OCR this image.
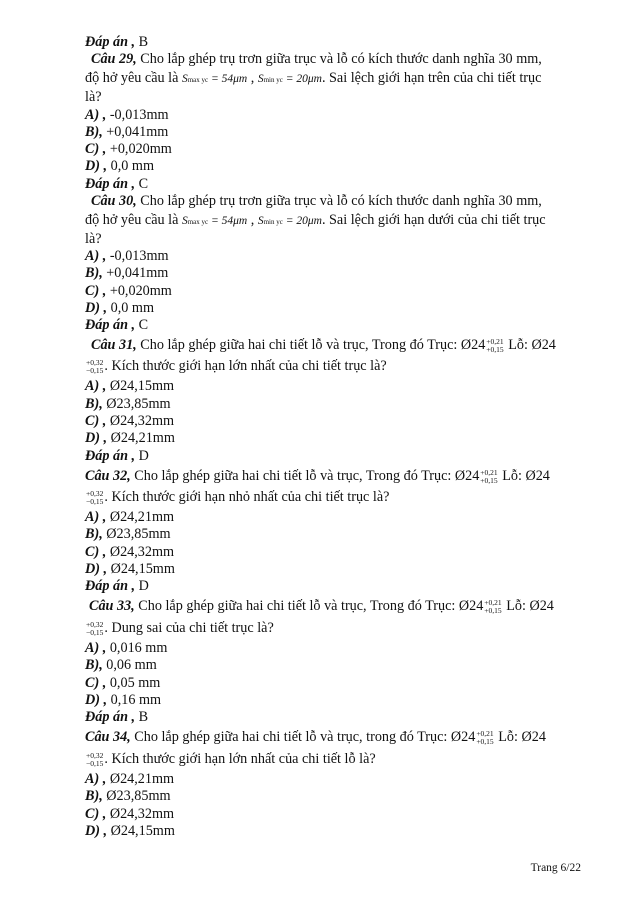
Đáp án , B
Câu 29, Cho lắp ghép trụ trơn giữa trục và lỗ có kích thước danh nghĩa 30 mm,
độ hở yêu cầu là Smax yc = 54μm , Smin yc = 20μm. Sai lệch giới hạn trên của chi tiết trục
là?
A) , -0,013mm
B), +0,041mm
C) , +0,020mm
D) , 0,0 mm
Đáp án , C
Câu 30, Cho lắp ghép trụ trơn giữa trục và lỗ có kích thước danh nghĩa 30 mm,
độ hở yêu cầu là Smax yc = 54μm , Smin yc = 20μm. Sai lệch giới hạn dưới của chi tiết trục
là?
A) , -0,013mm
B), +0,041mm
C) , +0,020mm
D) , 0,0 mm
Đáp án , C
Câu 31, Cho lắp ghép giữa hai chi tiết lỗ và trục, Trong đó Trục: Ø24 +0,21
+0,15 Lỗ: Ø24
+0,32
−0,15 . Kích thước giới hạn lớn nhất của chi tiết trục là?
A) , Ø24,15mm
B), Ø23,85mm
C) , Ø24,32mm
D) , Ø24,21mm
Đáp án , D
Câu 32, Cho lắp ghép giữa hai chi tiết lỗ và trục, Trong đó Trục: Ø24 +0,21
+0,15 Lỗ: Ø24
+0,32
−0,15 . Kích thước giới hạn nhỏ nhất của chi tiết trục là?
A) , Ø24,21mm
B), Ø23,85mm
C) , Ø24,32mm
D) , Ø24,15mm
Đáp án , D
Câu 33, Cho lắp ghép giữa hai chi tiết lỗ và trục, Trong đó Trục: Ø24 +0,21
+0,15 Lỗ: Ø24
+0,32
−0,15 . Dung sai của chi tiết trục là?
A) , 0,016 mm
B), 0,06 mm
C) , 0,05 mm
D) , 0,16 mm
Đáp án , B
Câu 34, Cho lắp ghép giữa hai chi tiết lỗ và trục, trong đó Trục: Ø24 +0,21
+0,15 Lỗ: Ø24
+0,32
−0,15 . Kích thước giới hạn lớn nhất của chi tiết lỗ là?
A) , Ø24,21mm
B), Ø23,85mm
C) , Ø24,32mm
D) , Ø24,15mm
Trang 6/22
